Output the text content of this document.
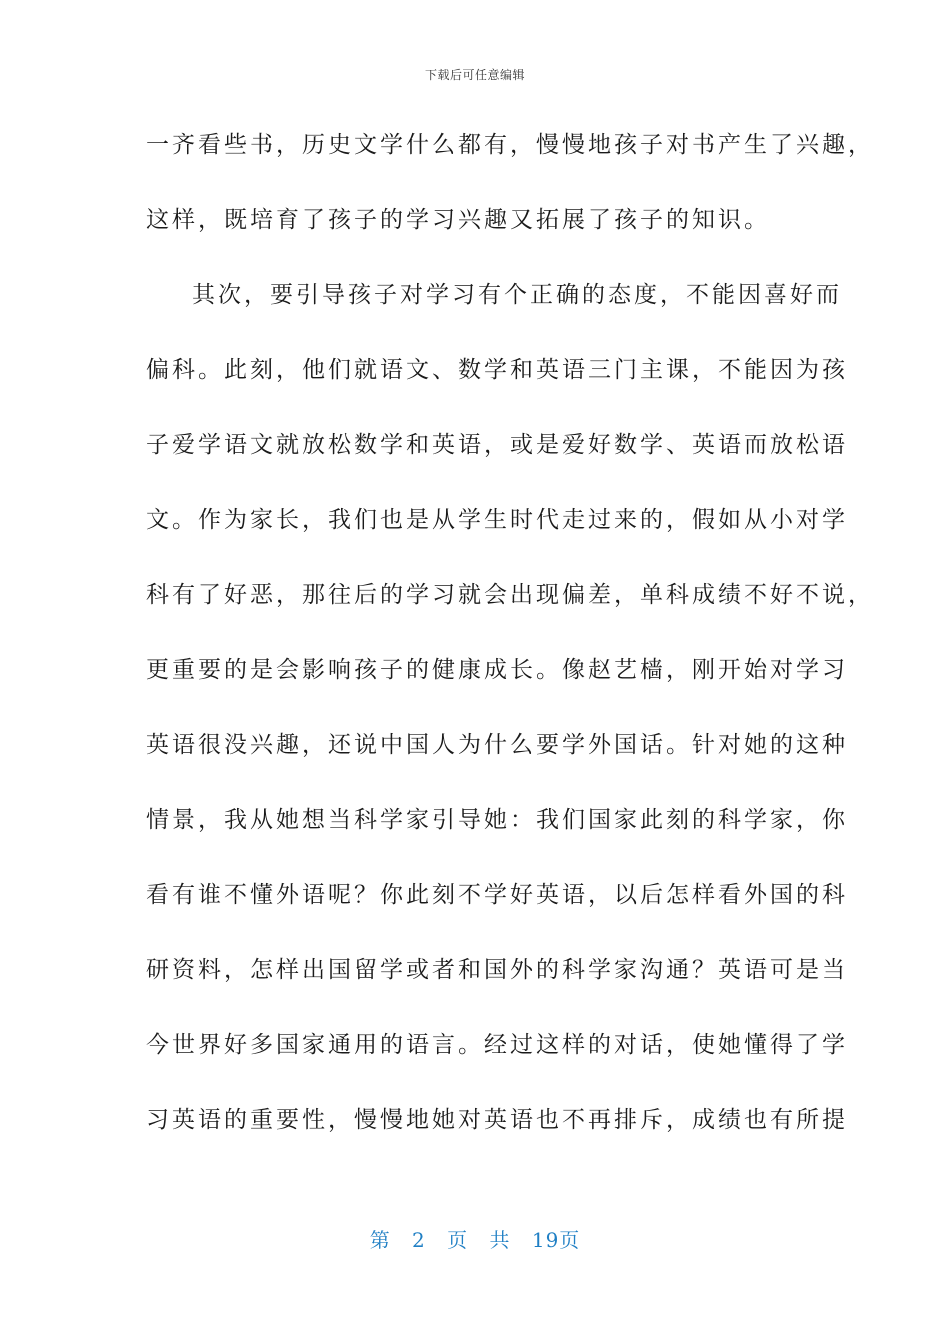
下载后可任意编辑
一齐看些书，历史文学什么都有，慢慢地孩子对书产生了兴趣，
这样，既培育了孩子的学习兴趣又拓展了孩子的知识。
其次，要引导孩子对学习有个正确的态度，不能因喜好而
偏科。此刻，他们就语文、数学和英语三门主课，不能因为孩
子爱学语文就放松数学和英语，或是爱好数学、英语而放松语
文。作为家长，我们也是从学生时代走过来的，假如从小对学
科有了好恶，那往后的学习就会出现偏差，单科成绩不好不说，
更重要的是会影响孩子的健康成长。像赵艺樯，刚开始对学习
英语很没兴趣，还说中国人为什么要学外国话。针对她的这种
情景，我从她想当科学家引导她：我们国家此刻的科学家，你
看有谁不懂外语呢？你此刻不学好英语，以后怎样看外国的科
研资料，怎样出国留学或者和国外的科学家沟通？英语可是当
今世界好多国家通用的语言。经过这样的对话，使她懂得了学
习英语的重要性，慢慢地她对英语也不再排斥，成绩也有所提
第 2 页 共 19页
